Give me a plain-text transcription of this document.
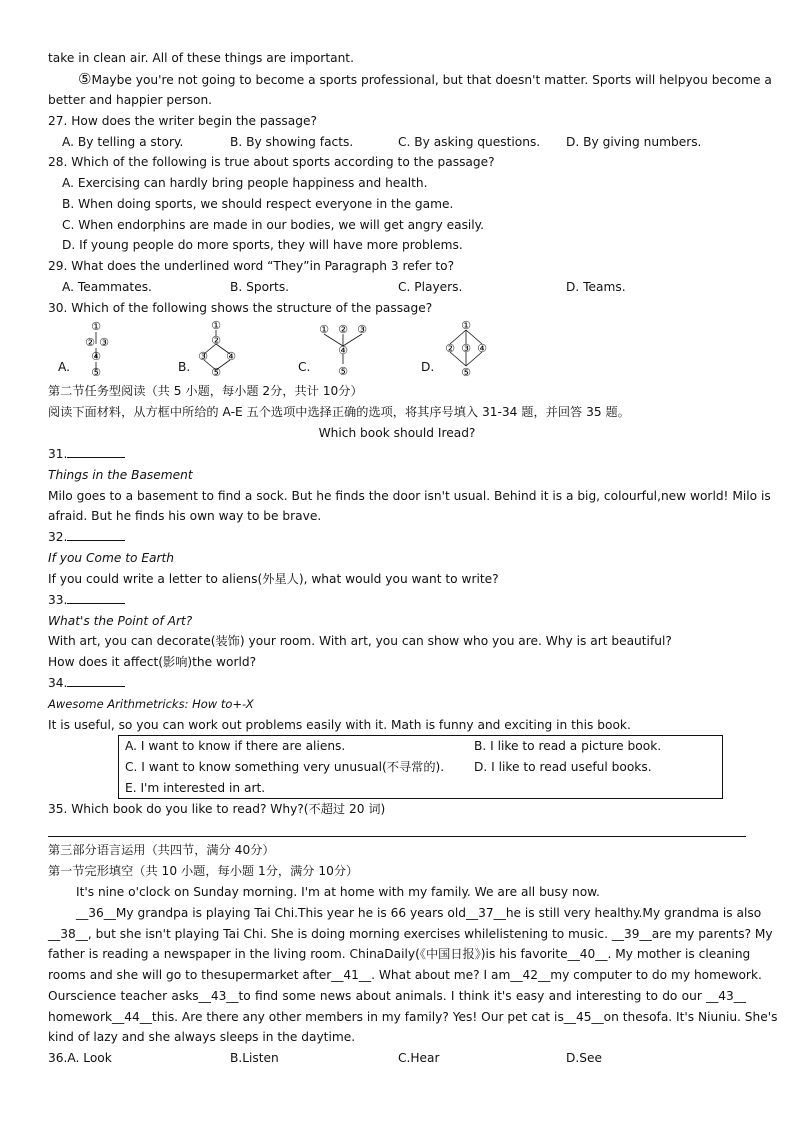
take in clean air. All of these things are important.
⑤Maybe you're not going to become a sports professional, but that doesn't matter. Sports will helpyou become a
better and happier person.
27. How does the writer begin the passage?
A. By telling a story.	B. By showing facts.	C. By asking questions. D. By giving numbers.
28. Which of the following is true about sports according to the passage?
A. Exercising can hardly bring people happiness and health.
B. When doing sports, we should respect everyone in the game.
C. When endorphins are made in our bodies, we will get angry easily.
D. If young people do more sports, they will have more problems.
29. What does the underlined word “They”in Paragraph 3 refer to?
A. Teammates.	B. Sports.	C. Players.	D. Teams.
30. Which of the following shows the structure of the passage?
A.
①
② ③
④
⑤	B.
①
②
③ ④
⑤	C.
① ② ③
④
⑤	D.
①
② ③ ④
⑤
第二节任务型阅读（共 5 小题，每小题 2分，共计 10分）
阅读下面材料，从方框中所给的 A-E 五个选项中选择正确的选项，将其序号填入 31-34 题，并回答 35 题。
Which book should Iread?
31.
Things in the Basement
Milo goes to a basement to find a sock. But he finds the door isn't usual. Behind it is a big, colourful,new world! Milo is
afraid. But he finds his own way to be brave.
32.
If you Come to Earth
If you could write a letter to aliens(外星人), what would you want to write?
33.
What's the Point of Art?
With art, you can decorate(装饰) your room. With art, you can show who you are. Why is art beautiful?
How does it affect(影响)the world?
34.
Awesome Arithmetricks: How to+-X
It is useful, so you can work out problems easily with it. Math is funny and exciting in this book.
A. I want to know if there are aliens.	B. I like to read a picture book.
C. I want to know something very unusual(不寻常的).	D. I like to read useful books.
E. I'm interested in art.
35. Which book do you like to read? Why?(不超过 20 词)
第三部分语言运用（共四节，满分 40分）
第一节完形填空（共 10 小题，每小题 1分，满分 10分）
It's nine o'clock on Sunday morning. I'm at home with my family. We are all busy now.
__36__My grandpa is playing Tai Chi.This year he is 66 years old__37__he is still very healthy.My grandma is also
__38__, but she isn't playing Tai Chi. She is doing morning exercises whilelistening to music. __39__are my parents? My
father is reading a newspaper in the living room. ChinaDaily(《中国日报》)is his favorite__40__. My mother is cleaning
rooms and she will go to thesupermarket after__41__. What about me? I am__42__my computer to do my homework.
Ourscience teacher asks__43__to find some news about animals. I think it's easy and interesting to do our __43__
homework__44__this. Are there any other members in my family? Yes! Our pet cat is__45__on thesofa. It's Niuniu. She's
kind of lazy and she always sleeps in the daytime.
36.A. Look	B.Listen	C.Hear	D.See
